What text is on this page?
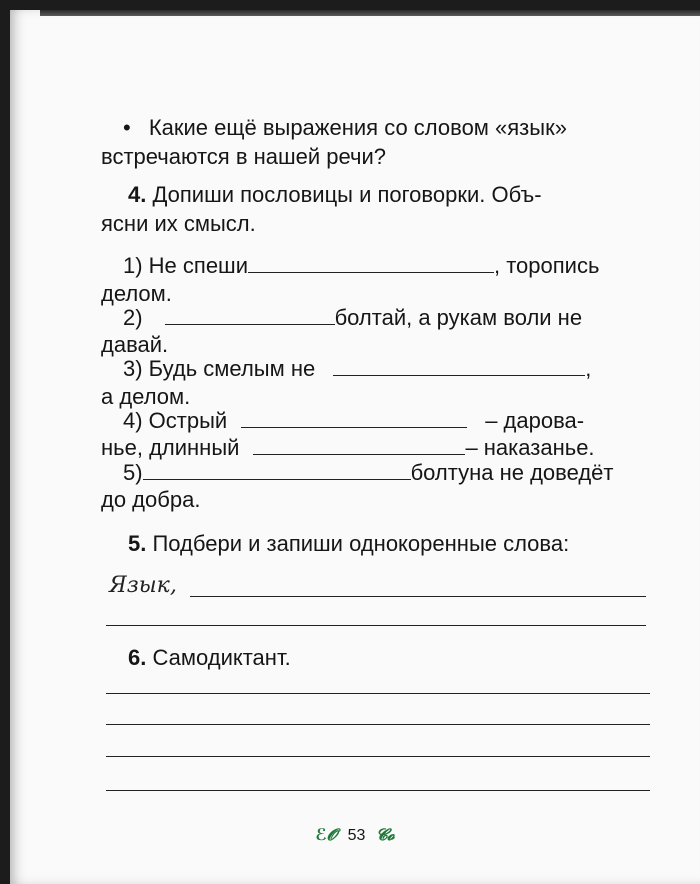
• Какие ещё выражения со словом «язык»
встречаются в нашей речи?
4. Допиши пословицы и поговорки. Объ-
ясни их смысл.
1) Не спеши	, торопись
делом.
2)	болтай, а рукам воли не
давай.
3) Будь смелым не	,
а делом.
4) Острый	– дарова-
нье, длинный	– наказанье.
5)	болтуна не доведёт
до добра.
5. Подбери и запиши однокоренные слова:
Язык,
6. Самодиктант.
ℰ𝓞 53 𝓒𝓸
